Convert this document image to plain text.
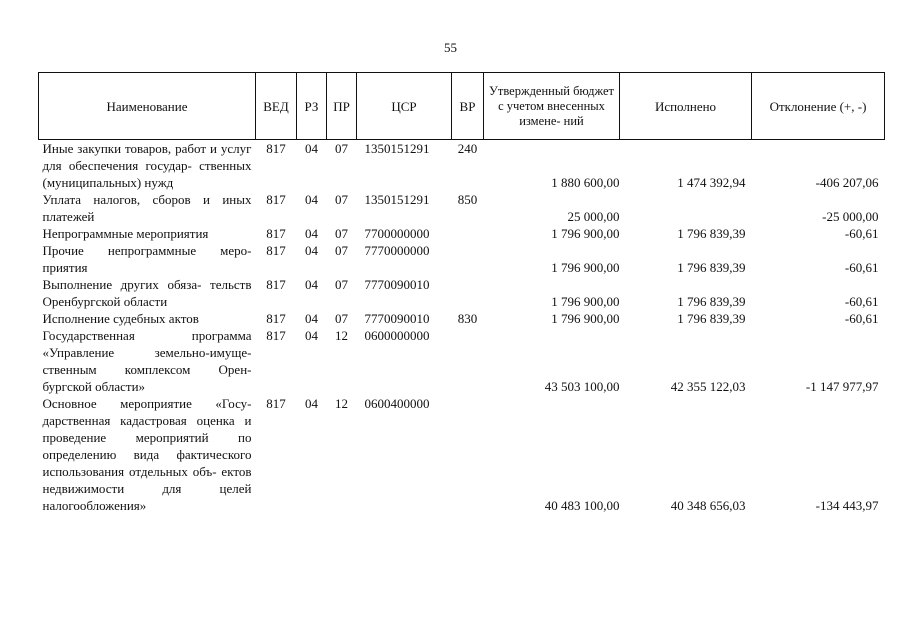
55
Наименование	ВЕД	РЗ	ПР	ЦСР	ВР	Утвержденный бюджет с учетом внесенных измене- ний	Исполнено	Отклонение (+, -)
Иные закупки товаров, работ и услуг для обеспечения государ- ственных (муниципальных) нужд	817	04	07	1350151291	240	1 880 600,00	1 474 392,94	-406 207,06
Уплата налогов, сборов и иных платежей	817	04	07	1350151291	850	25 000,00		-25 000,00
Непрограммные мероприятия	817	04	07	7700000000		1 796 900,00	1 796 839,39	-60,61
Прочие непрограммные меро- приятия	817	04	07	7770000000		1 796 900,00	1 796 839,39	-60,61
Выполнение других обяза- тельств Оренбургской области	817	04	07	7770090010		1 796 900,00	1 796 839,39	-60,61
Исполнение судебных актов	817	04	07	7770090010	830	1 796 900,00	1 796 839,39	-60,61
Государственная программа «Управление земельно-имуще- ственным комплексом Орен- бургской области»	817	04	12	0600000000		43 503 100,00	42 355 122,03	-1 147 977,97
Основное мероприятие «Госу- дарственная кадастровая оценка и проведение мероприятий по определению вида фактического использования отдельных объ- ектов недвижимости для целей налогообложения»	817	04	12	0600400000		40 483 100,00	40 348 656,03	-134 443,97
